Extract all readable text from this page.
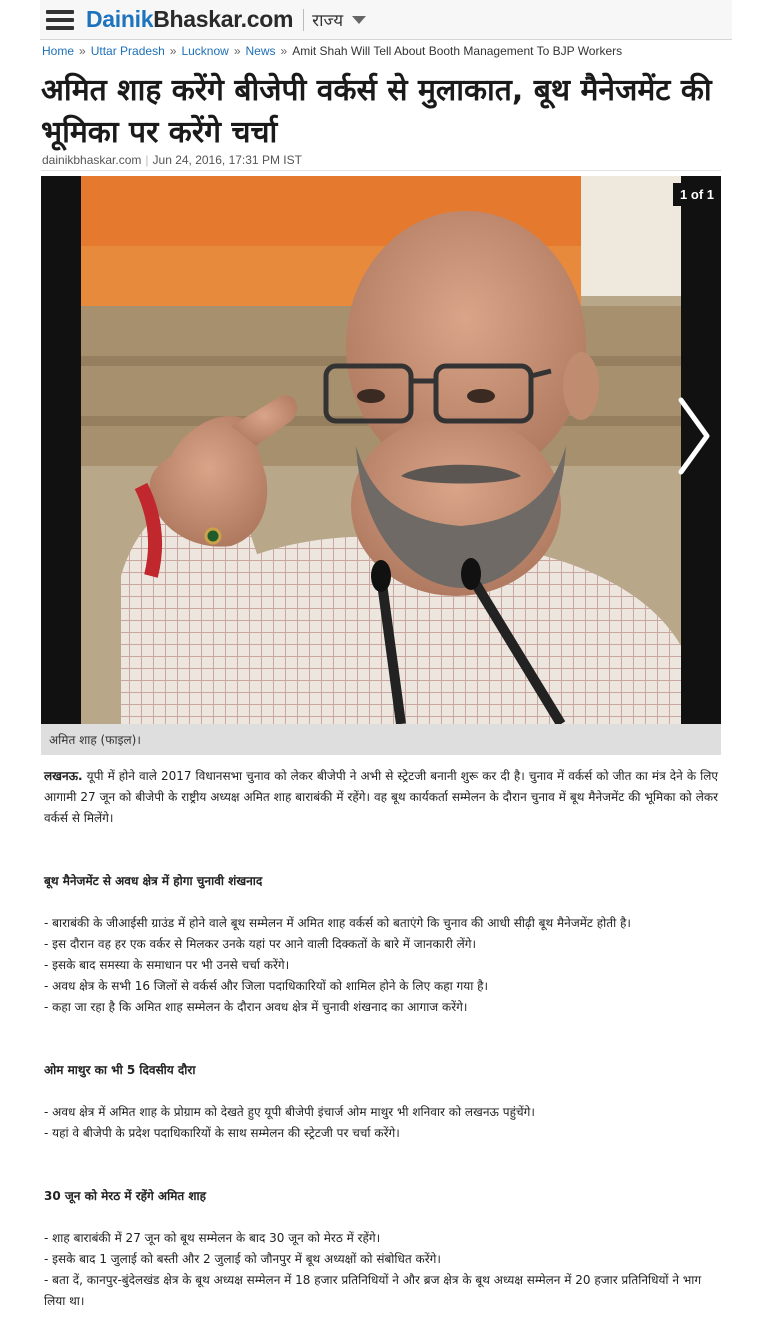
DainikBhaskar.com राज्य
Home » Uttar Pradesh » Lucknow » News » Amit Shah Will Tell About Booth Management To BJP Workers
अमित शाह करेंगे बीजेपी वर्कर्स से मुलाकात, बूथ मैनेजमेंट की भूमिका पर करेंगे चर्चा
dainikbhaskar.com | Jun 24, 2016, 17:31 PM IST
1 of 1
अमित शाह (फाइल)।

लखनऊ. यूपी में होने वाले 2017 विधानसभा चुनाव को लेकर बीजेपी ने अभी से स्ट्रेटजी बनानी शुरू कर दी है। चुनाव में वर्कर्स को जीत का मंत्र देने के लिए आगामी 27 जून को बीजेपी के राष्ट्रीय अध्यक्ष अमित शाह बाराबंकी में रहेंगे। वह बूथ कार्यकर्ता सम्मेलन के दौरान चुनाव में बूथ मैनेजमेंट की भूमिका को लेकर वर्कर्स से मिलेंगे।

बूथ मैनेजमेंट से अवध क्षेत्र में होगा चुनावी शंखनाद

- बाराबंकी के जीआईसी ग्राउंड में होने वाले बूथ सम्मेलन में अमित शाह वर्कर्स को बताएंगे कि चुनाव की आधी सीढ़ी बूथ मैनेजमेंट होती है।
- इस दौरान वह हर एक वर्कर से मिलकर उनके यहां पर आने वाली दिक्कतों के बारे में जानकारी लेंगे।
- इसके बाद समस्या के समाधान पर भी उनसे चर्चा करेंगे।
- अवध क्षेत्र के सभी 16 जिलों से वर्कर्स और जिला पदाधिकारियों को शामिल होने के लिए कहा गया है।
- कहा जा रहा है कि अमित शाह सम्मेलन के दौरान अवध क्षेत्र में चुनावी शंखनाद का आगाज करेंगे।

ओम माथुर का भी 5 दिवसीय दौरा

- अवध क्षेत्र में अमित शाह के प्रोग्राम को देखते हुए यूपी बीजेपी इंचार्ज ओम माथुर भी शनिवार को लखनऊ पहुंचेंगे।
- यहां वे बीजेपी के प्रदेश पदाधिकारियों के साथ सम्मेलन की स्ट्रेटजी पर चर्चा करेंगे।

30 जून को मेरठ में रहेंगे अमित शाह

- शाह बाराबंकी में 27 जून को बूथ सम्मेलन के बाद 30 जून को मेरठ में रहेंगे।
- इसके बाद 1 जुलाई को बस्ती और 2 जुलाई को जौनपुर में बूथ अध्यक्षों को संबोधित करेंगे।
- बता दें, कानपुर-बुंदेलखंड क्षेत्र के बूथ अध्यक्ष सम्मेलन में 18 हजार प्रतिनिधियों ने और ब्रज क्षेत्र के बूथ अध्यक्ष सम्मेलन में 20 हजार प्रतिनिधियों ने भाग लिया था।
